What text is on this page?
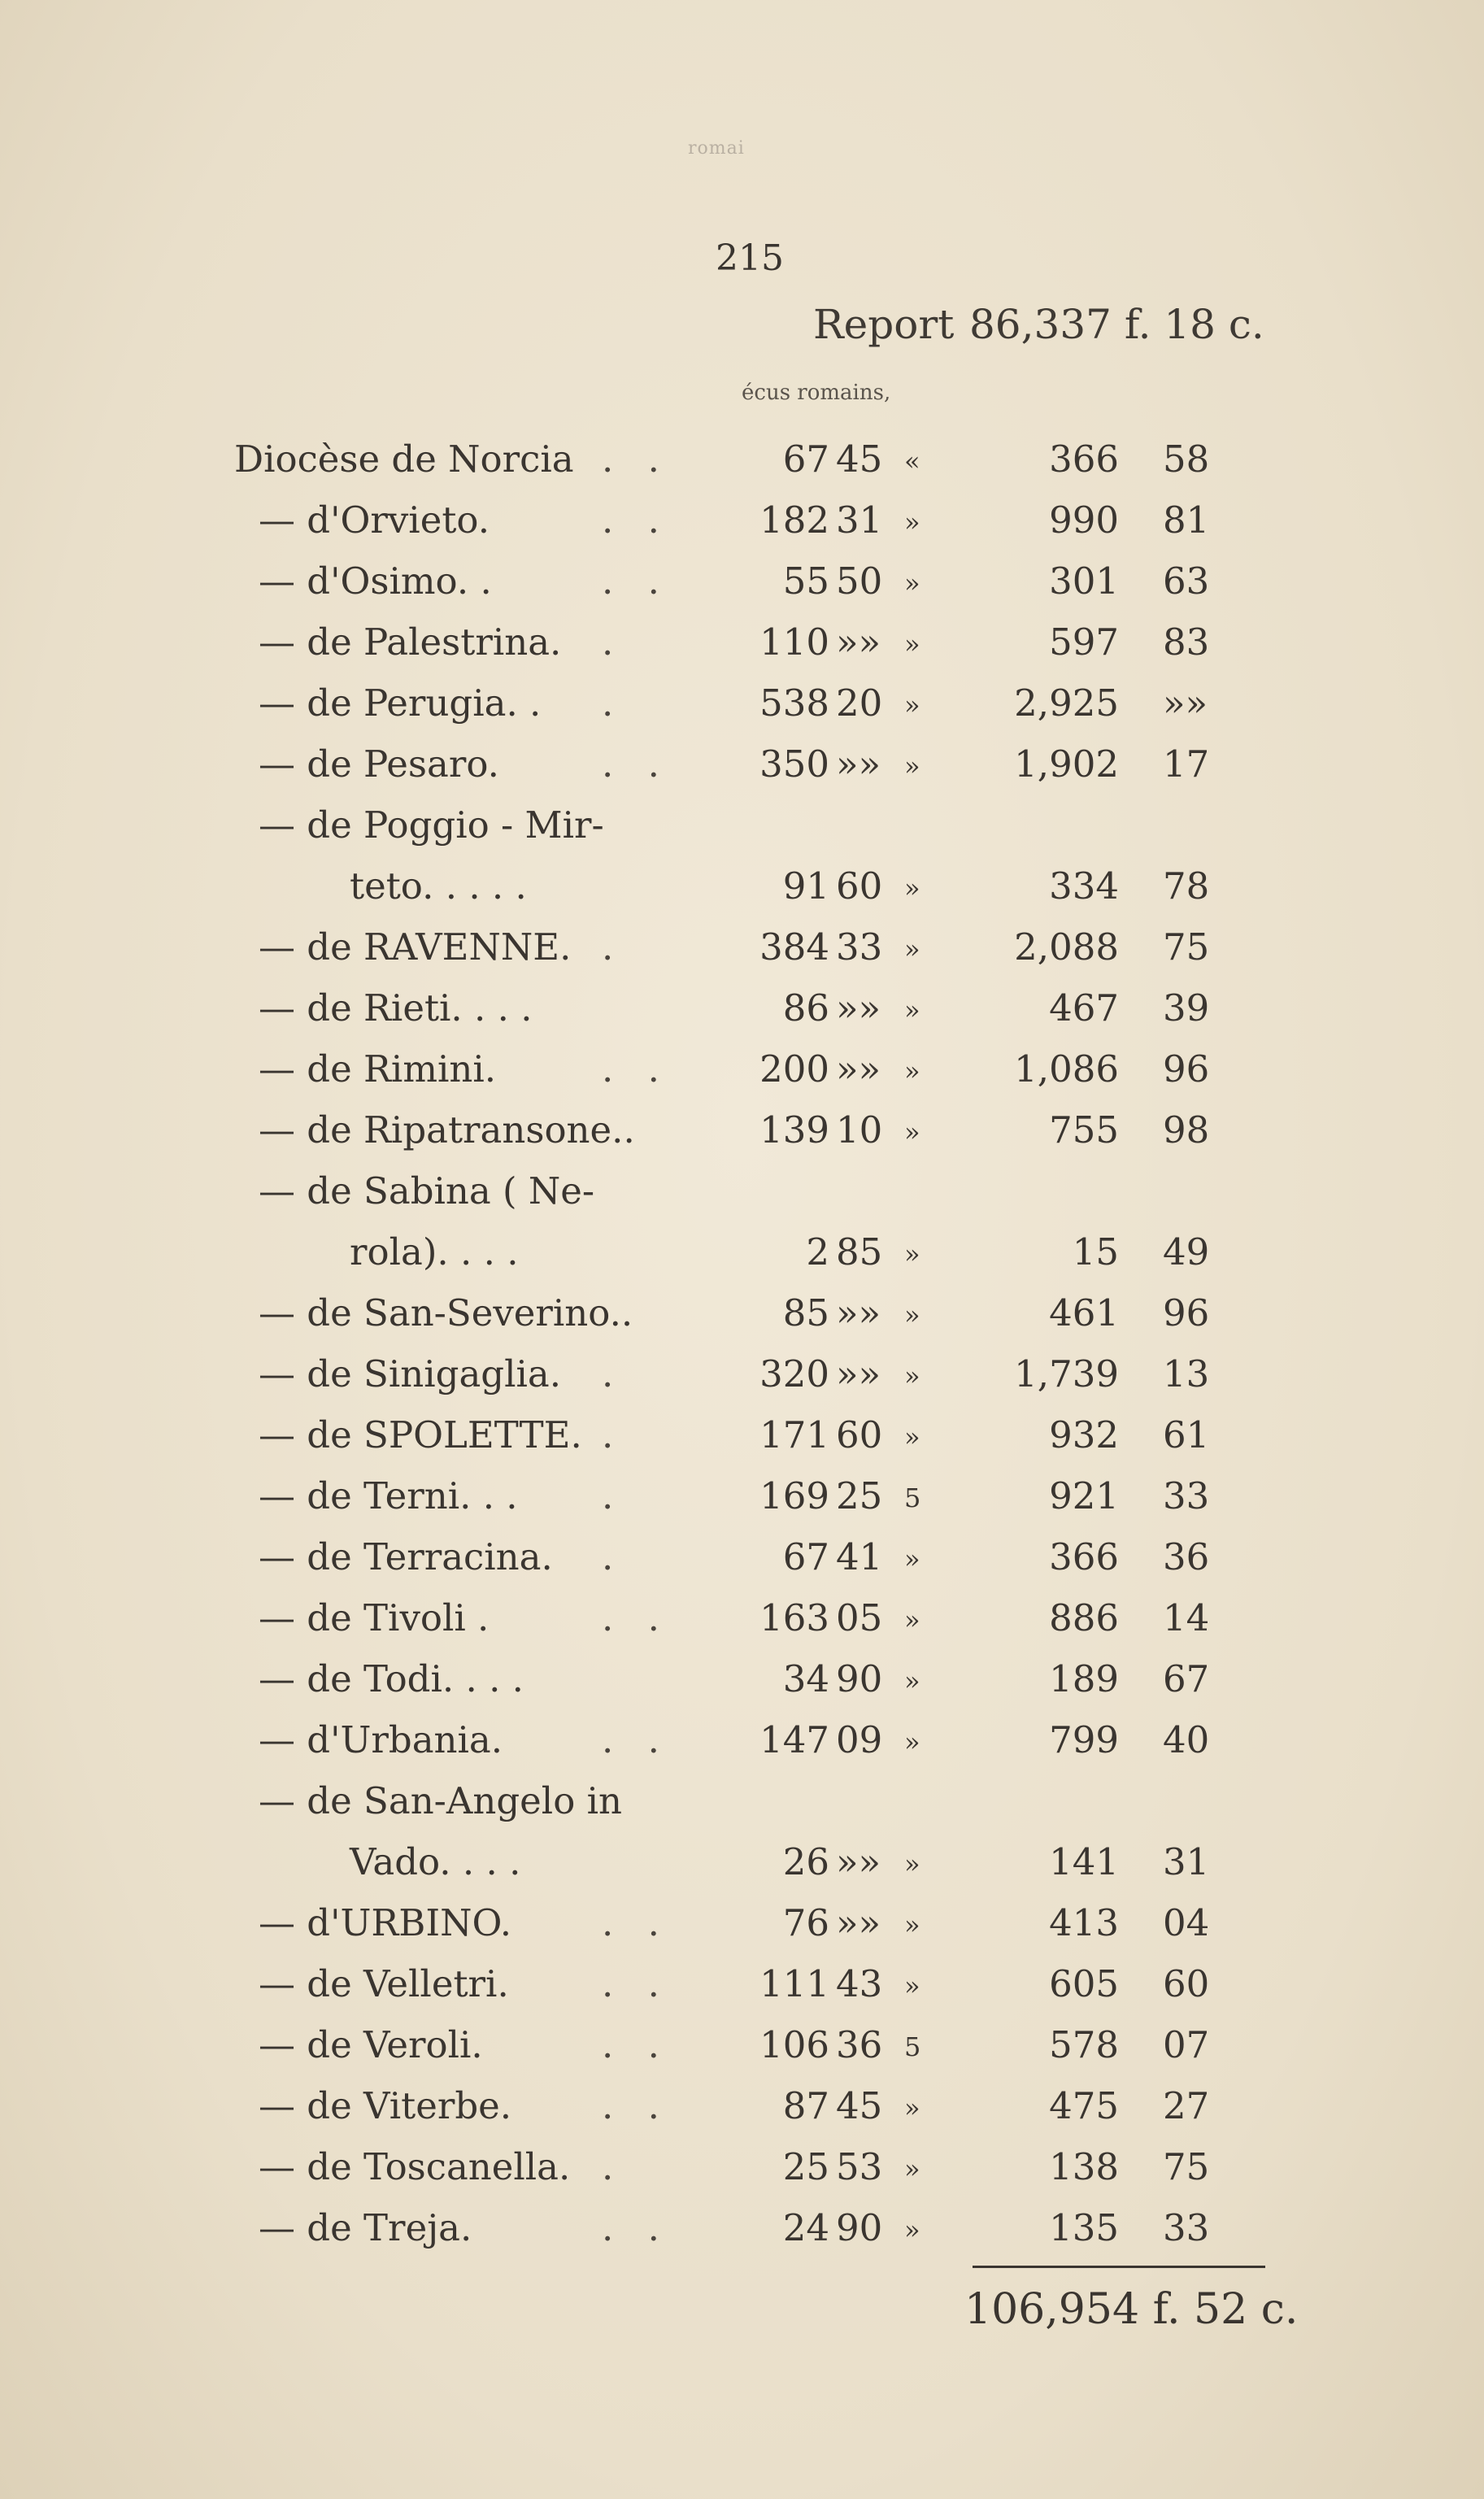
romai
215
Report 86,337 f. 18 c.
écus romains,
Diocèse de Norcia . .	67 45 «	366 58
— d'Orvieto.	. . 182 31 »	990 81
— d'Osimo. .	. .	55 50 »	301 63
— de Palestrina. .	110 »» »	597 83
— de Perugia. . .	538 20 »	2,925 »»
— de Pesaro.	. . 350 »» »	1,902 17
— de Poggio - Mir-
teto. . . . .	91 60 »	334 78
— de RAVENNE. .	384 33 »	2,088 75
— de Rieti. . . .	86 »» »	467 39
— de Rimini.	. . 200 »» »	1,086 96
— de Ripatransone..	139 10 »	755 98
— de Sabina ( Ne-
rola). . . .	2 85 »	15 49
— de San-Severino..	85 »» »	461 96
— de Sinigaglia. .	320 »» »	1,739 13
— de SPOLETTE. .	171 60 »	932 61
— de Terni. . . .	169 25 5	921 33
— de Terracina. .	67 41 »	366 36
— de Tivoli .	. . 163 05 »	886 14
— de Todi. . . .	34 90 »	189 67
— d'Urbania.	. . 147 09 »	799 40
— de San-Angelo in
Vado. . . .	26 »» »	141 31
— d'URBINO. . .	76 »» »	413 04
— de Velletri.	. . 111 43 »	605 60
— de Veroli.	. . 106 36 5	578 07
— de Viterbe. . .	87 45 »	475 27
— de Toscanella. .	25 53 »	138 75
— de Treja.	. .	24 90 »	135 33
106,954 f. 52 c.
